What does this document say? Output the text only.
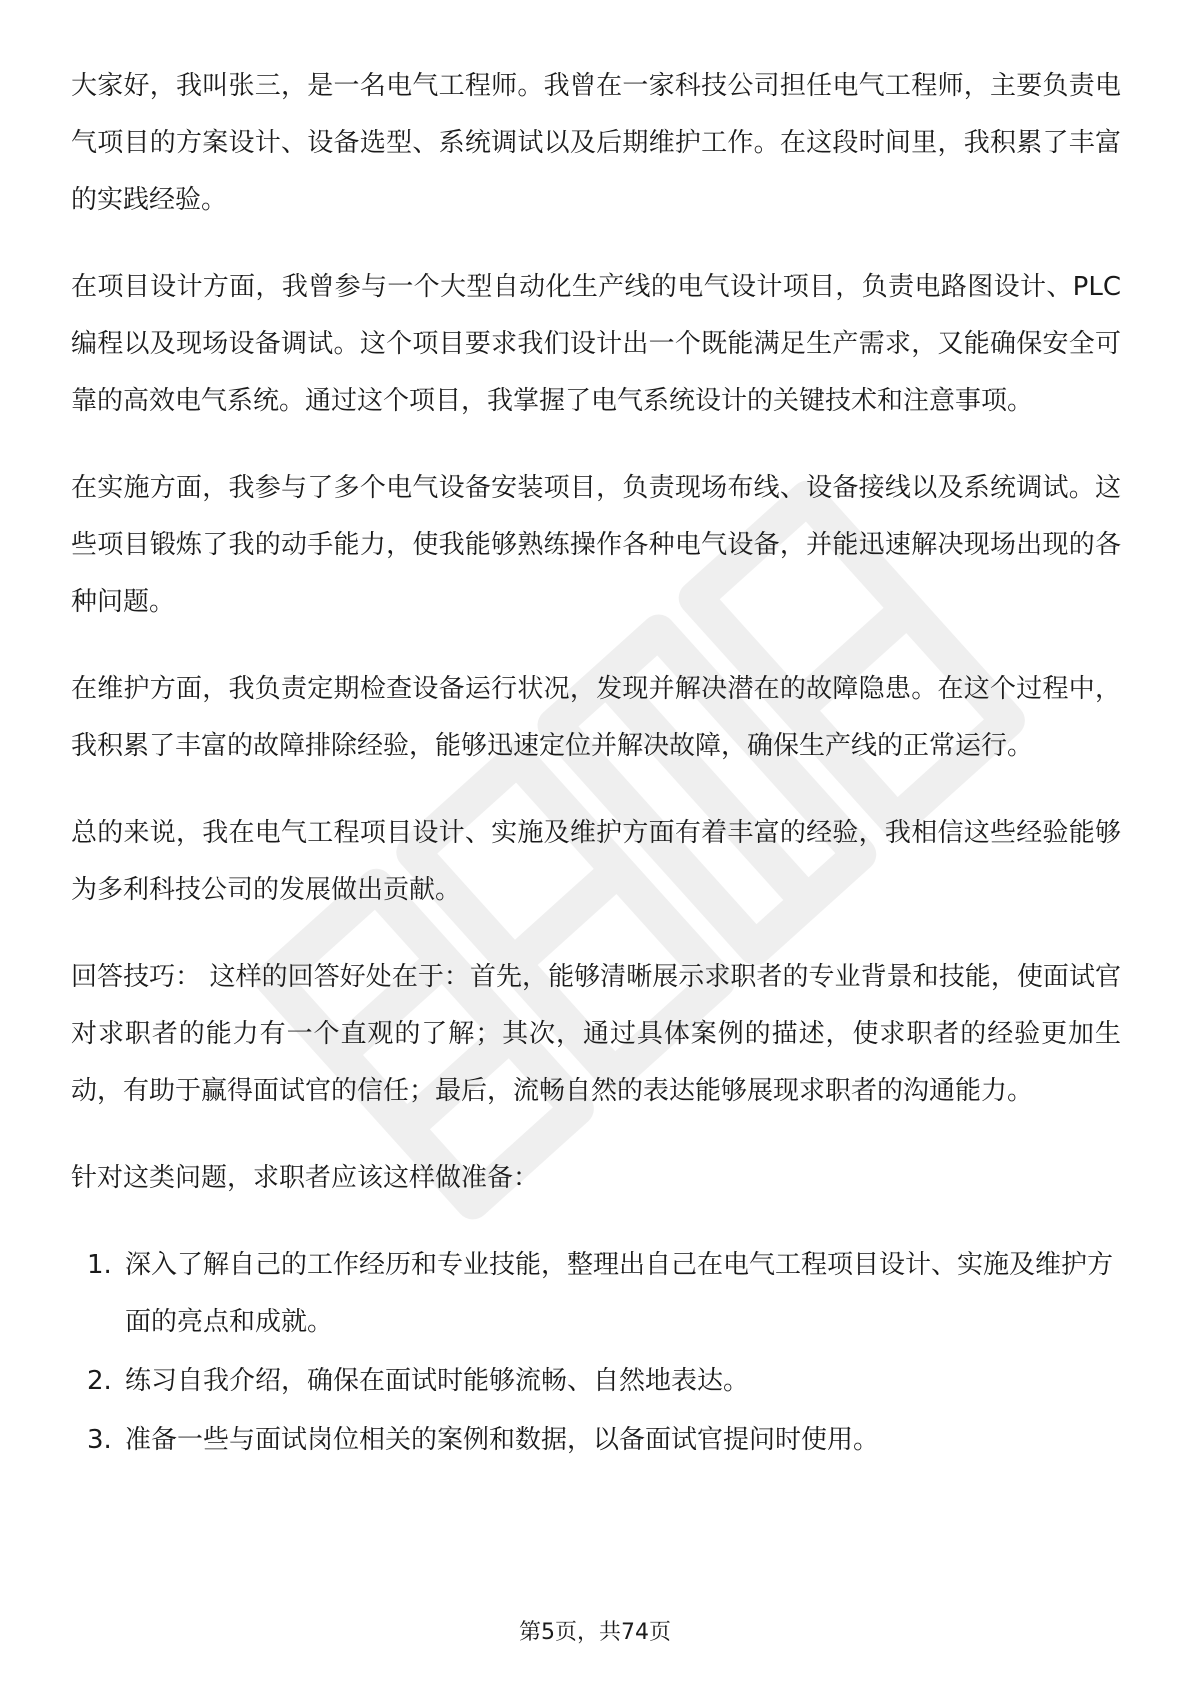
大家好，我叫张三，是一名电气工程师。我曾在一家科技公司担任电气工程师，主要负责电气项目的方案设计、设备选型、系统调试以及后期维护工作。在这段时间里，我积累了丰富的实践经验。

在项目设计方面，我曾参与一个大型自动化生产线的电气设计项目，负责电路图设计、PLC编程以及现场设备调试。这个项目要求我们设计出一个既能满足生产需求，又能确保安全可靠的高效电气系统。通过这个项目，我掌握了电气系统设计的关键技术和注意事项。

在实施方面，我参与了多个电气设备安装项目，负责现场布线、设备接线以及系统调试。这些项目锻炼了我的动手能力，使我能够熟练操作各种电气设备，并能迅速解决现场出现的各种问题。

在维护方面，我负责定期检查设备运行状况，发现并解决潜在的故障隐患。在这个过程中，我积累了丰富的故障排除经验，能够迅速定位并解决故障，确保生产线的正常运行。

总的来说，我在电气工程项目设计、实施及维护方面有着丰富的经验，我相信这些经验能够为多利科技公司的发展做出贡献。

回答技巧： 这样的回答好处在于：首先，能够清晰展示求职者的专业背景和技能，使面试官对求职者的能力有一个直观的了解；其次，通过具体案例的描述，使求职者的经验更加生动，有助于赢得面试官的信任；最后，流畅自然的表达能够展现求职者的沟通能力。

针对这类问题，求职者应该这样做准备：

1. 深入了解自己的工作经历和专业技能，整理出自己在电气工程项目设计、实施及维护方面的亮点和成就。
2. 练习自我介绍，确保在面试时能够流畅、自然地表达。
3. 准备一些与面试岗位相关的案例和数据，以备面试官提问时使用。
第5页，共74页
